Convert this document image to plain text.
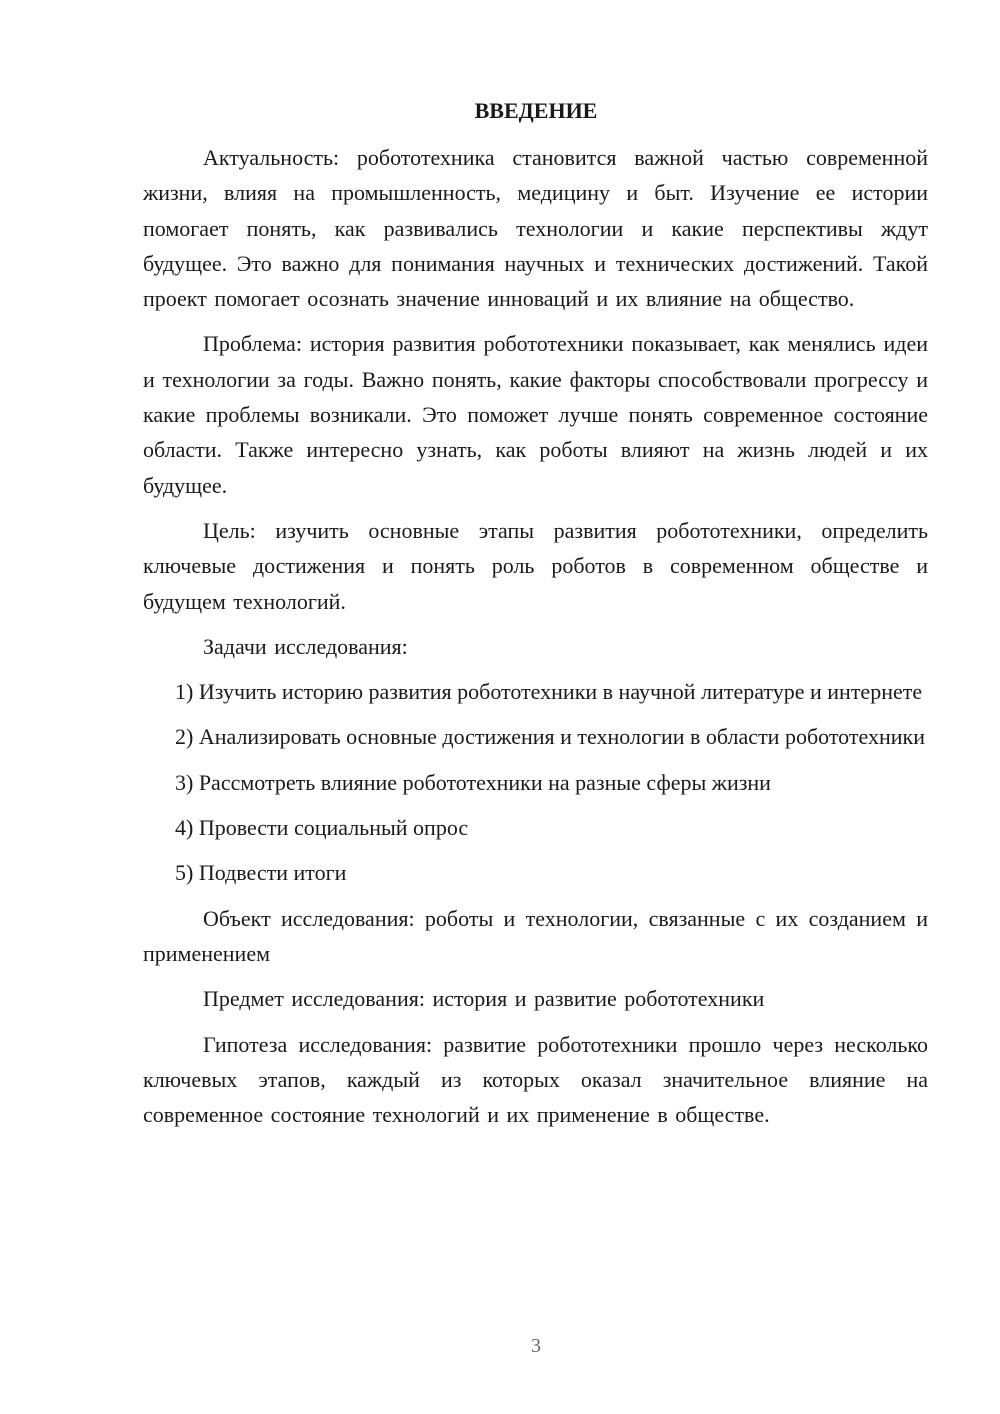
ВВЕДЕНИЕ

Актуальность: робототехника становится важной частью современной жизни, влияя на промышленность, медицину и быт. Изучение ее истории помогает понять, как развивались технологии и какие перспективы ждут будущее. Это важно для понимания научных и технических достижений. Такой проект помогает осознать значение инноваций и их влияние на общество.

Проблема: история развития робототехники показывает, как менялись идеи и технологии за годы. Важно понять, какие факторы способствовали прогрессу и какие проблемы возникали. Это поможет лучше понять современное состояние области. Также интересно узнать, как роботы влияют на жизнь людей и их будущее.

Цель: изучить основные этапы развития робототехники, определить ключевые достижения и понять роль роботов в современном обществе и будущем технологий.

Задачи исследования:

1) Изучить историю развития робототехники в научной литературе и интернете

2) Анализировать основные достижения и технологии в области робототехники

3) Рассмотреть влияние робототехники на разные сферы жизни

4) Провести социальный опрос

5) Подвести итоги

Объект исследования: роботы и технологии, связанные с их созданием и применением

Предмет исследования: история и развитие робототехники

Гипотеза исследования: развитие робототехники прошло через несколько ключевых этапов, каждый из которых оказал значительное влияние на современное состояние технологий и их применение в обществе.

3
